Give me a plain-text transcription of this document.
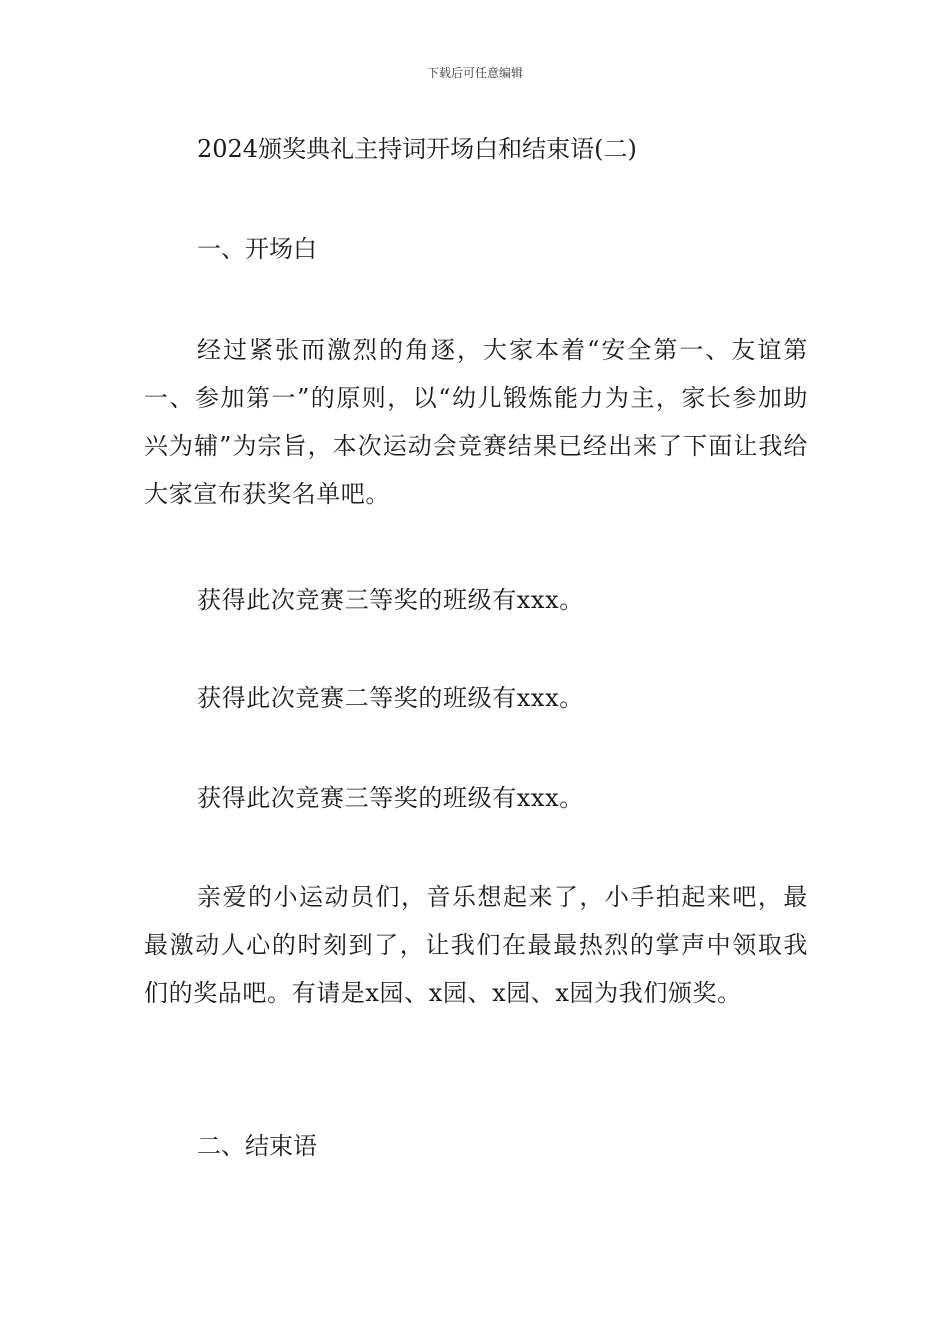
下载后可任意编辑
2024颁奖典礼主持词开场白和结束语(二)
一、开场白

经过紧张而激烈的角逐，大家本着“安全第一、友谊第一、参加第一”的原则，以“幼儿锻炼能力为主，家长参加助兴为辅”为宗旨，本次运动会竞赛结果已经出来了下面让我给大家宣布获奖名单吧。

获得此次竞赛三等奖的班级有xxx。

获得此次竞赛二等奖的班级有xxx。

获得此次竞赛三等奖的班级有xxx。

亲爱的小运动员们，音乐想起来了，小手拍起来吧，最最激动人心的时刻到了，让我们在最最热烈的掌声中领取我们的奖品吧。有请是x园、x园、x园、x园为我们颁奖。

二、结束语
